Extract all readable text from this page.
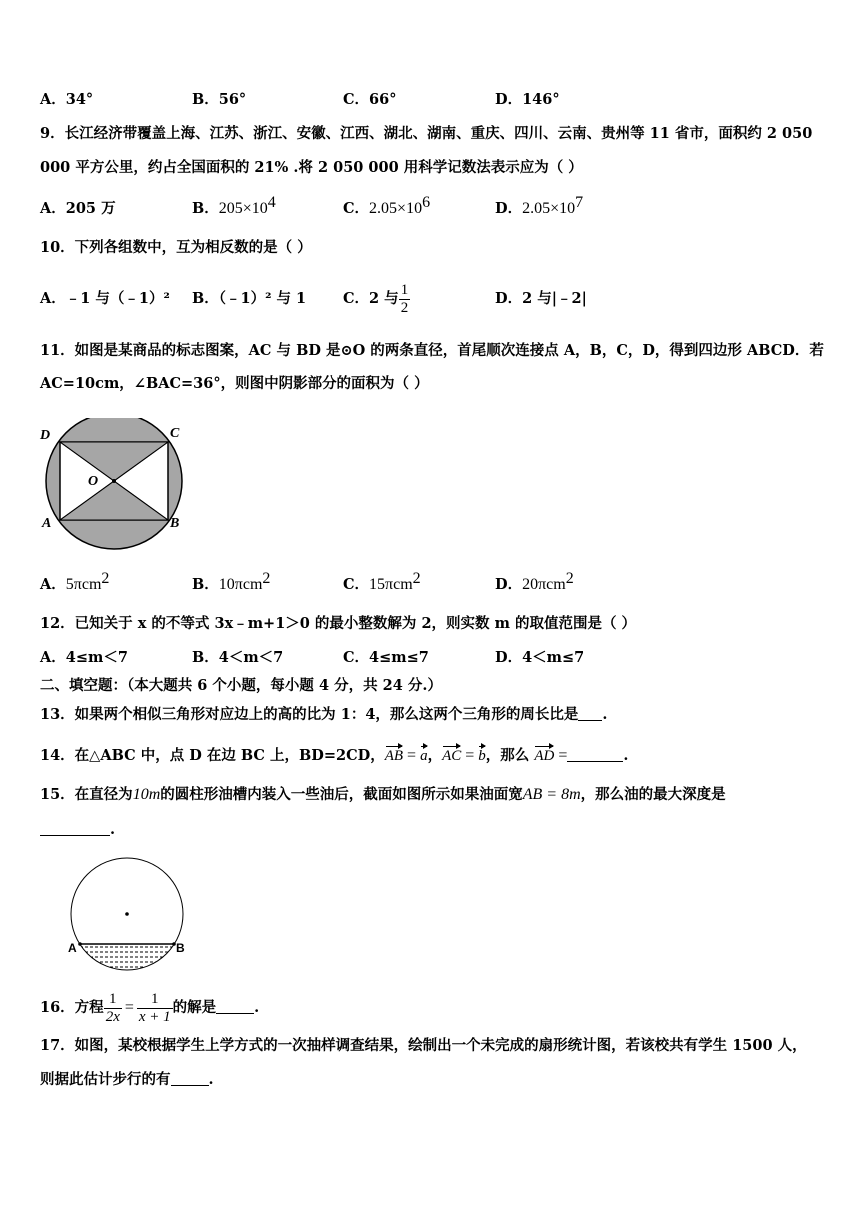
A．34°	B．56°	C．66°	D．146°
9．长江经济带覆盖上海、江苏、浙江、安徽、江西、湖北、湖南、重庆、四川、云南、贵州等 11 省市，面积约 2 050
000 平方公里，约占全国面积的 21% .将 2 050 000 用科学记数法表示应为（ ）
A．205 万	B．$205\times 10^4$	C．$2.05\times 10^6$	D．$2.05\times 10^7$
10．下列各组数中，互为相反数的是（ ）
A．﹣1 与（﹣1）² B．（﹣1）² 与 1	C．2 与 $\frac{1}{2}$	D．2 与|﹣2|
11．如图是某商品的标志图案，AC 与 BD 是⊙O 的两条直径，首尾顺次连接点 A，B，C，D，得到四边形 ABCD．若
AC=10cm，∠BAC=36°，则图中阴影部分的面积为（ ）
D	C
O
A	B
A．5πcm$^2$	B．10πcm$^2$	C．15πcm$^2$	D．20πcm$^2$
12．已知关于 x 的不等式 3x﹣m+1＞0 的最小整数解为 2，则实数 m 的取值范围是（ ）
A．4≤m＜7	B．4＜m＜7	C．4≤m≤7	D．4＜m≤7
二、填空题：（本大题共 6 个小题，每小题 4 分，共 24 分.）
13．如果两个相似三角形对应边上的高的比为 1：4，那么这两个三角形的周长比是 .
14．在△ABC 中，点 D 在边 BC 上，BD=2CD，AB = a，AC = b，那么 AD =	.
15．在直径为10m的圆柱形油槽内装入一些油后，截面如图所示如果油面宽AB = 8m，那么油的最大深度是
.
A	B
16．方程 $\frac{1}{2x} = \frac{1}{x + 1}$ 的解是	.
17．如图，某校根据学生上学方式的一次抽样调查结果，绘制出一个未完成的扇形统计图，若该校共有学生 1500 人，
则据此估计步行的有	.
